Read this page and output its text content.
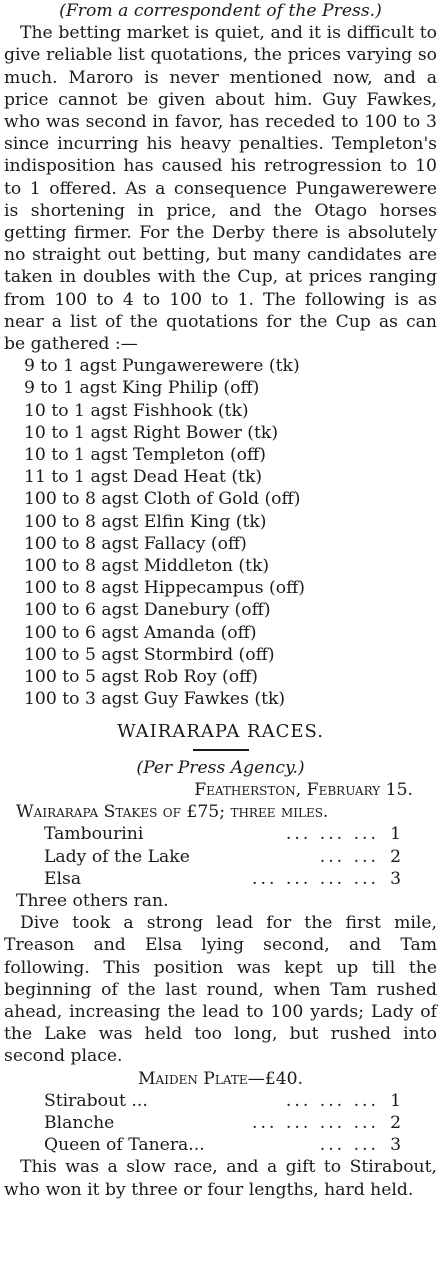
(From a correspondent of the Press.)
The betting market is quiet, and it is difficult to give reliable list quotations, the prices varying so much. Maroro is never mentioned now, and a price cannot be given about him. Guy Fawkes, who was second in favor, has receded to 100 to 3 since incurring his heavy penalties. Templeton's indisposition has caused his retrogression to 10 to 1 offered. As a consequence Pungawerewere is shortening in price, and the Otago horses getting firmer. For the Derby there is absolutely no straight out betting, but many candidates are taken in doubles with the Cup, at prices ranging from 100 to 4 to 100 to 1. The following is as near a list of the quotations for the Cup as can be gathered :—
9 to 1 agst Pungawerewere (tk)
9 to 1 agst King Philip (off)
10 to 1 agst Fishhook (tk)
10 to 1 agst Right Bower (tk)
10 to 1 agst Templeton (off)
11 to 1 agst Dead Heat (tk)
100 to 8 agst Cloth of Gold (off)
100 to 8 agst Elfin King (tk)
100 to 8 agst Fallacy (off)
100 to 8 agst Middleton (tk)
100 to 8 agst Hippecampus (off)
100 to 6 agst Danebury (off)
100 to 6 agst Amanda (off)
100 to 5 agst Stormbird (off)
100 to 5 agst Rob Roy (off)
100 to 3 agst Guy Fawkes (tk)
WAIRARAPA RACES.
(Per Press Agency.)
Featherston, February 15.
Wairarapa Stakes of £75; three miles.
Tambourini	... ... ... 1
Lady of the Lake	... ... 2
Elsa	... ... ... ... 3
Three others ran.
Dive took a strong lead for the first mile, Treason and Elsa lying second, and Tam following. This position was kept up till the beginning of the last round, when Tam rushed ahead, increasing the lead to 100 yards; Lady of the Lake was held too long, but rushed into second place.
Maiden Plate—£40.
Stirabout ...	... ... ... 1
Blanche	... ... ... ... 2
Queen of Tanera...	... ... 3
This was a slow race, and a gift to Stirabout, who won it by three or four lengths, hard held.
